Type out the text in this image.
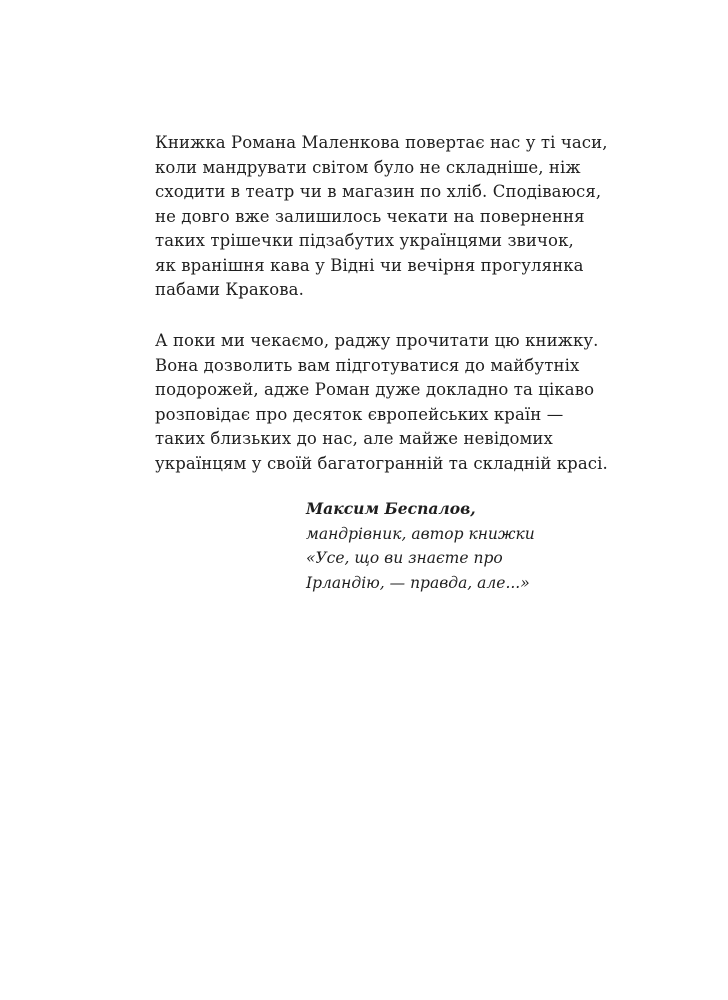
Книжка Романа Маленкова повертає нас у ті часи,
коли мандрувати світом було не складніше, ніж
сходити в театр чи в магазин по хліб. Сподіваюся,
не довго вже залишилось чекати на повернення
таких трішечки підзабутих українцями звичок,
як вранішня кава у Відні чи вечірня прогулянка
пабами Кракова.
А поки ми чекаємо, раджу прочитати цю книжку.
Вона дозволить вам підготуватися до майбутніх
подорожей, адже Роман дуже докладно та цікаво
розповідає про десяток європейських країн —
таких близьких до нас, але майже невідомих
українцям у своїй багатогранній та складній красі.
Максим Беспалов,
мандрівник, автор книжки
«Усе, що ви знаєте про
Ірландію, — правда, але...»
